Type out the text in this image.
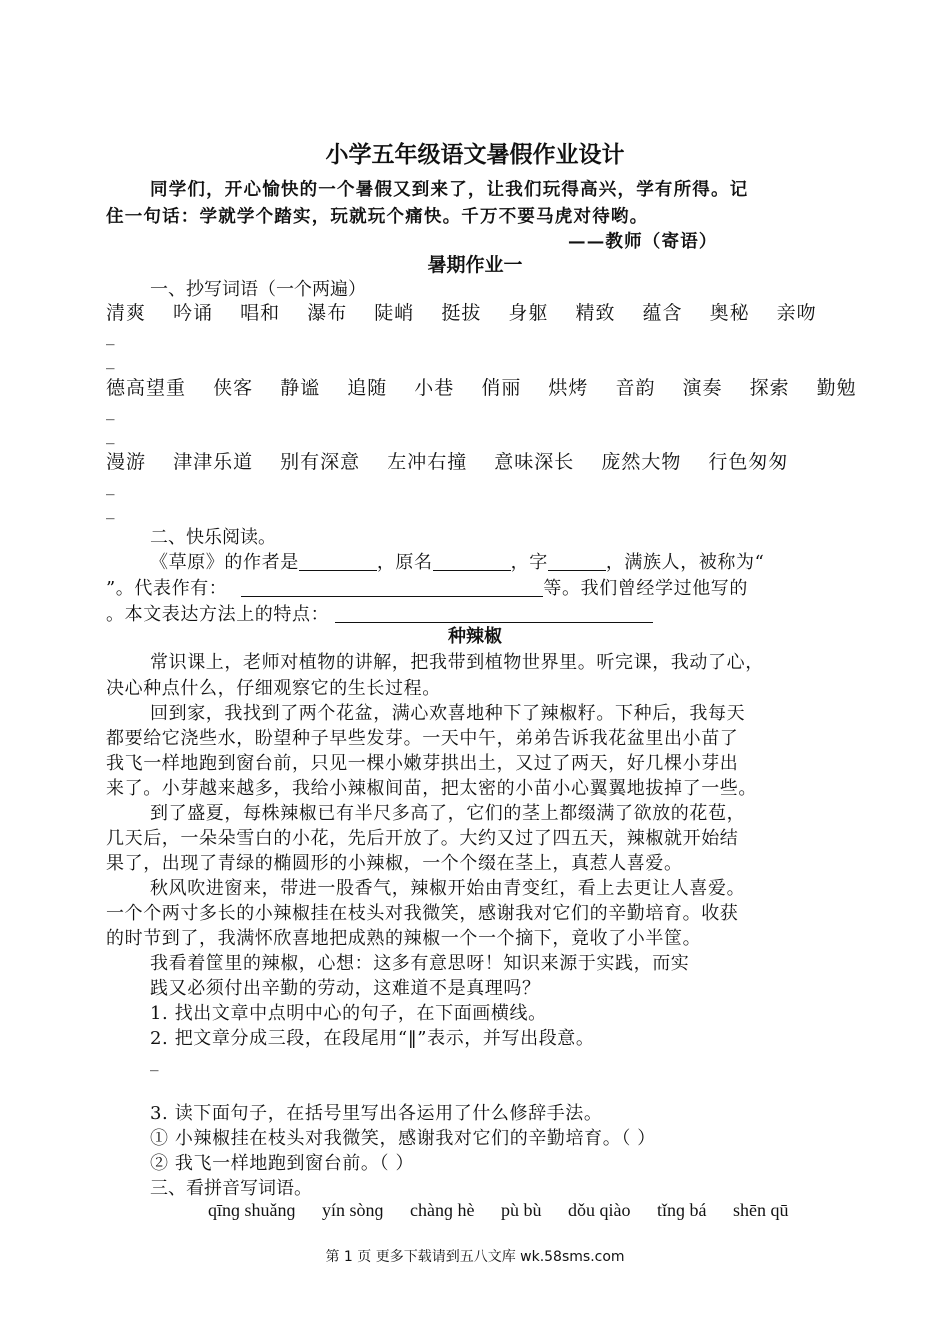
小学五年级语文暑假作业设计
同学们，开心愉快的一个暑假又到来了，让我们玩得高兴，学有所得。记
住一句话：学就学个踏实，玩就玩个痛快。千万不要马虎对待哟。
——教师（寄语）
暑期作业一
一、抄写词语（一个两遍）
清爽 吟诵 唱和 瀑布 陡峭 挺拔 身躯 精致 蕴含 奥秘 亲吻
_
_
德高望重 侠客 静谧 追随 小巷 俏丽 烘烤 音韵 演奏 探索 勤勉
_
_
漫游 津津乐道 别有深意 左冲右撞 意味深长 庞然大物 行色匆匆
_
_
二、快乐阅读。
《草原》的作者是	，原名	，字	，满族人，被称为“
”。代表作有：	等。我们曾经学过他写的
。本文表达方法上的特点：
种辣椒
常识课上，老师对植物的讲解，把我带到植物世界里。听完课，我动了心，
决心种点什么，仔细观察它的生长过程。
回到家，我找到了两个花盆，满心欢喜地种下了辣椒籽。下种后，我每天
都要给它浇些水，盼望种子早些发芽。一天中午，弟弟告诉我花盆里出小苗了
我飞一样地跑到窗台前，只见一棵小嫩芽拱出土，又过了两天，好几棵小芽出
来了。小芽越来越多，我给小辣椒间苗，把太密的小苗小心翼翼地拔掉了一些。
到了盛夏，每株辣椒已有半尺多高了，它们的茎上都缀满了欲放的花苞，
几天后，一朵朵雪白的小花，先后开放了。大约又过了四五天，辣椒就开始结
果了，出现了青绿的椭圆形的小辣椒，一个个缀在茎上，真惹人喜爱。
秋风吹进窗来，带进一股香气，辣椒开始由青变红，看上去更让人喜爱。
一个个两寸多长的小辣椒挂在枝头对我微笑，感谢我对它们的辛勤培育。收获
的时节到了，我满怀欣喜地把成熟的辣椒一个一个摘下，竟收了小半筐。
我看着筐里的辣椒，心想：这多有意思呀！知识来源于实践，而实
践又必须付出辛勤的劳动，这难道不是真理吗？
1. 找出文章中点明中心的句子，在下面画横线。
2. 把文章分成三段，在段尾用“‖”表示，并写出段意。
_
3. 读下面句子，在括号里写出各运用了什么修辞手法。
① 小辣椒挂在枝头对我微笑，感谢我对它们的辛勤培育。（ ）
② 我飞一样地跑到窗台前。（ ）
三、看拼音写词语。
qīnɡ shuǎnɡ yín sònɡ chànɡ hè pù bù dǒu qiào tǐnɡ bá shēn qū
第 1 页 更多下载请到五八文库 wk.58sms.com
